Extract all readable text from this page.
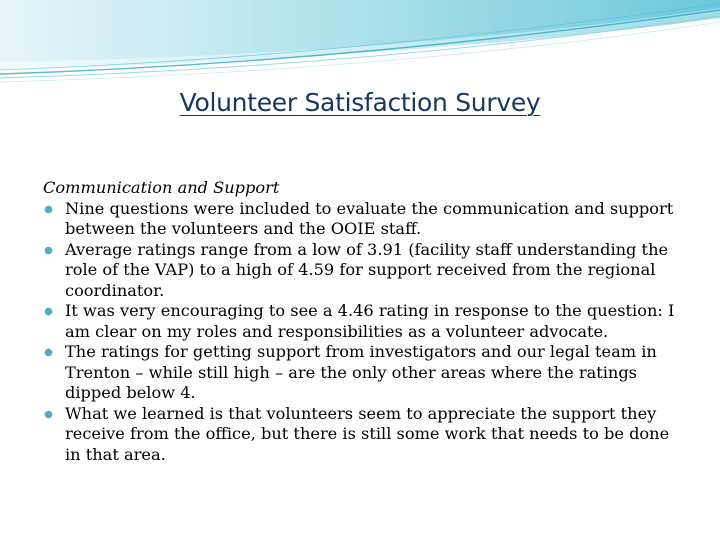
Volunteer Satisfaction Survey

Communication and Support

Nine questions were included to evaluate the communication and support between the volunteers and the OOIE staff.
Average ratings range from a low of 3.91 (facility staff understanding the role of the VAP) to a high of 4.59 for support received from the regional coordinator.
It was very encouraging to see a 4.46 rating in response to the question: I am clear on my roles and responsibilities as a volunteer advocate.
The ratings for getting support from investigators and our legal team in Trenton – while still high – are the only other areas where the ratings dipped below 4.
What we learned is that volunteers seem to appreciate the support they receive from the office, but there is still some work that needs to be done in that area.
